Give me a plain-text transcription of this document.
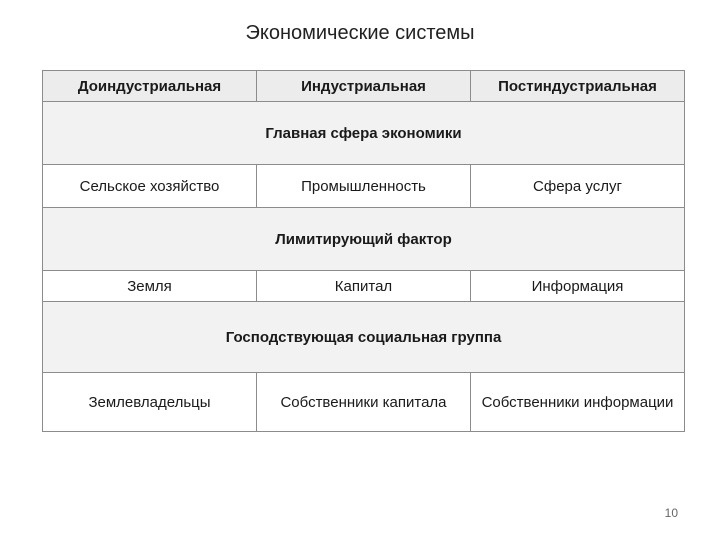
Экономические системы
Доиндустриальная	Индустриальная	Постиндустриальная
Главная сфера экономики		
Сельское хозяйство	Промышленность	Сфера услуг
Лимитирующий фактор		
Земля	Капитал	Информация
Господствующая социальная группа		
Землевладельцы	Собственники капитала	Собственники информации
10
